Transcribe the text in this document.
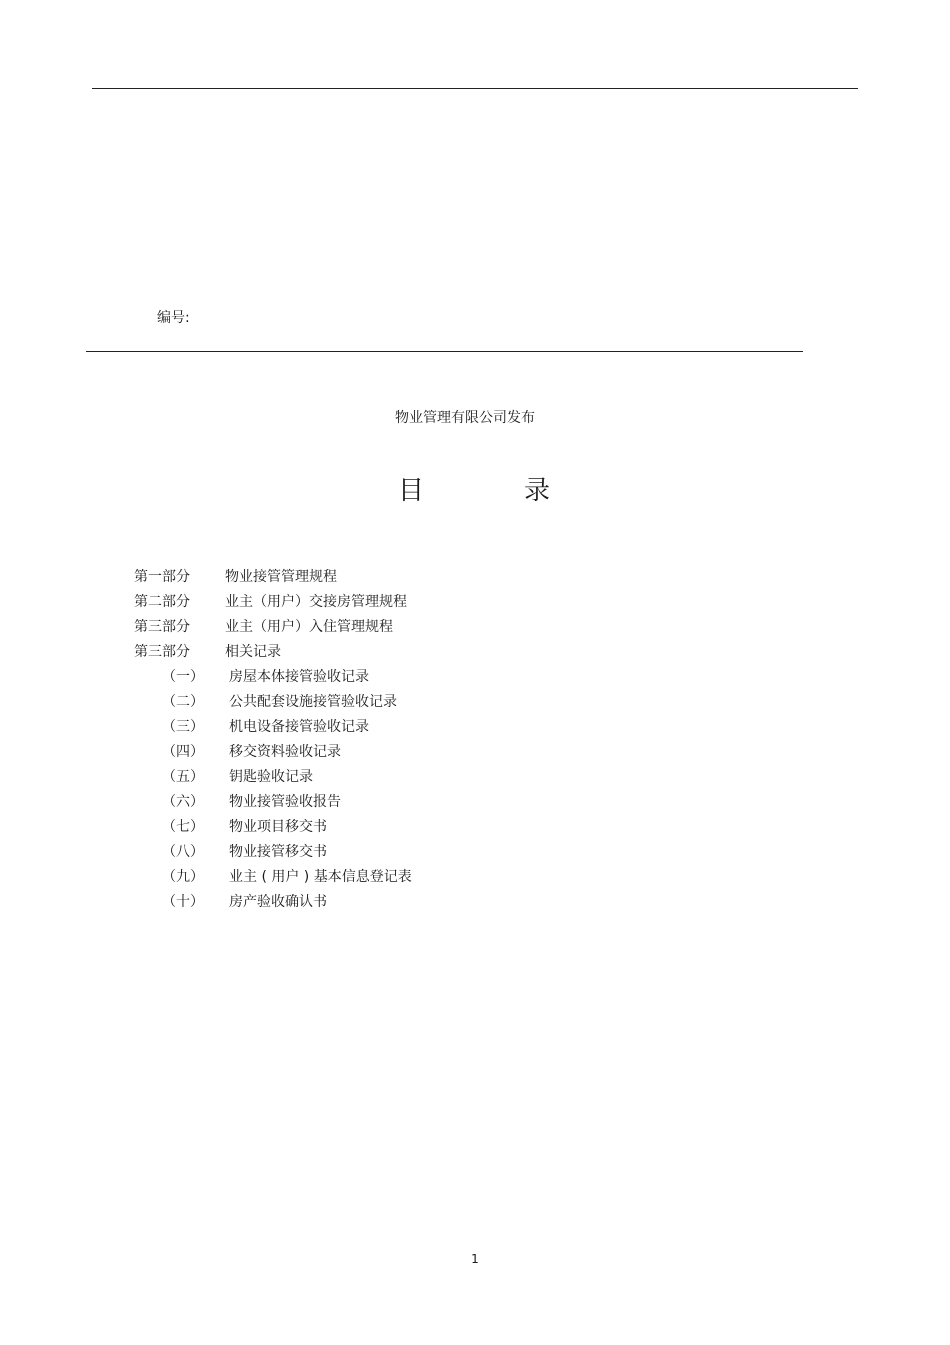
编号:
物业管理有限公司发布
目	录
第一部分	物业接管管理规程
第二部分	业主（用户）交接房管理规程
第三部分	业主（用户）入住管理规程
第三部分	相关记录
（一） 房屋本体接管验收记录
（二） 公共配套设施接管验收记录
（三） 机电设备接管验收记录
（四） 移交资料验收记录
（五） 钥匙验收记录
（六） 物业接管验收报告
（七） 物业项目移交书
（八） 物业接管移交书
（九） 业主 ( 用户 ) 基本信息登记表
（十） 房产验收确认书
1
